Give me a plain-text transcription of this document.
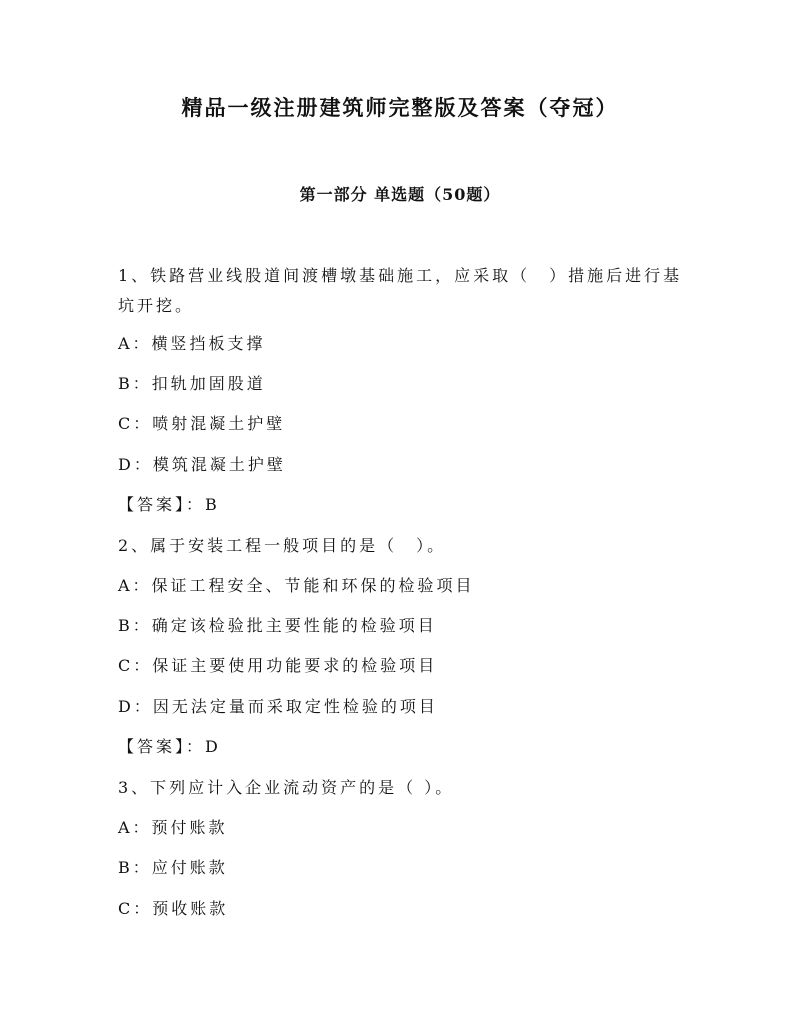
精品一级注册建筑师完整版及答案（夺冠）
第一部分 单选题（50题）
1、铁路营业线股道间渡槽墩基础施工，应采取（　）措施后进行基坑开挖。
A：横竖挡板支撑
B：扣轨加固股道
C：喷射混凝土护壁
D：模筑混凝土护壁
【答案】：B
2、属于安装工程一般项目的是（　）。
A：保证工程安全、节能和环保的检验项目
B：确定该检验批主要性能的检验项目
C：保证主要使用功能要求的检验项目
D：因无法定量而采取定性检验的项目
【答案】：D
3、下列应计入企业流动资产的是（ ）。
A：预付账款
B：应付账款
C：预收账款
